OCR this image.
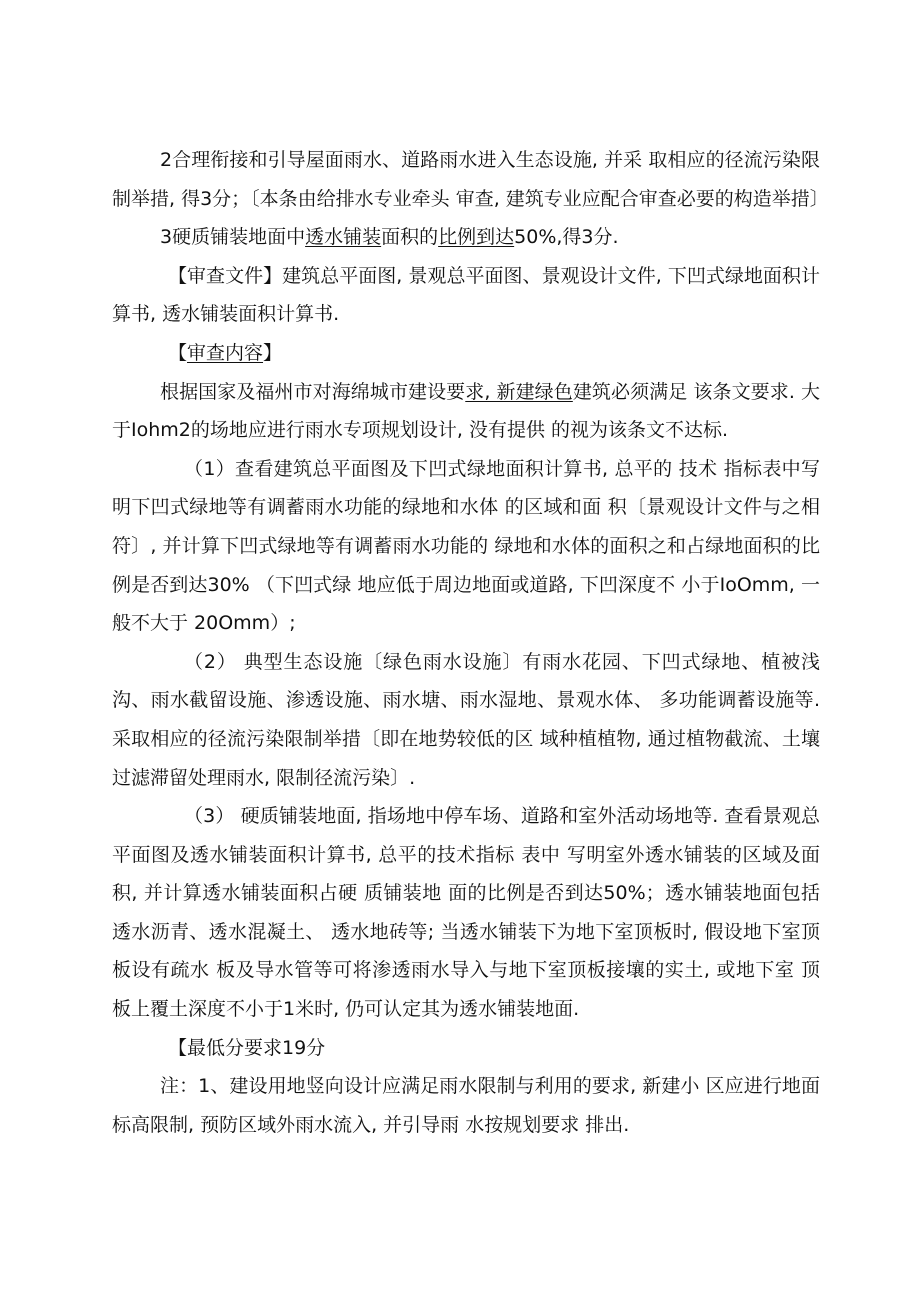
2合理衔接和引导屋面雨水、道路雨水进入生态设施, 并采 取相应的径流污染限制举措, 得3分；〔本条由给排水专业牵头 审查, 建筑专业应配合审查必要的构造举措〕

3硬质铺装地面中透水铺装面积的比例到达50%,得3分.

【审查文件】建筑总平面图, 景观总平面图、景观设计文件, 下凹式绿地面积计算书, 透水铺装面积计算书.

【审查内容】

根据国家及福州市对海绵城市建设要求, 新建绿色建筑必须满足 该条文要求. 大于Iohm2的场地应进行雨水专项规划设计, 没有提供 的视为该条文不达标.

（1）查看建筑总平面图及下凹式绿地面积计算书, 总平的 技术 指标表中写明下凹式绿地等有调蓄雨水功能的绿地和水体 的区域和面 积〔景观设计文件与之相符〕, 并计算下凹式绿地等有调蓄雨水功能的 绿地和水体的面积之和占绿地面积的比例是否到达30% （下凹式绿 地应低于周边地面或道路, 下凹深度不 小于IoOmm, 一般不大于 20Omm）;

（2） 典型生态设施〔绿色雨水设施〕有雨水花园、下凹式绿地、植被浅沟、雨水截留设施、渗透设施、雨水塘、雨水湿地、景观水体、 多功能调蓄设施等. 采取相应的径流污染限制举措〔即在地势较低的区 域种植植物, 通过植物截流、土壤过滤滞留处理雨水, 限制径流污染〕.

（3） 硬质铺装地面, 指场地中停车场、道路和室外活动场地等. 查看景观总平面图及透水铺装面积计算书, 总平的技术指标 表中 写明室外透水铺装的区域及面积, 并计算透水铺装面积占硬 质铺装地 面的比例是否到达50%；透水铺装地面包括透水沥青、透水混凝土、 透水地砖等; 当透水铺装下为地下室顶板时, 假设地下室顶板设有疏水 板及导水管等可将渗透雨水导入与地下室顶板接壤的实土, 或地下室 顶板上覆土深度不小于1米时, 仍可认定其为透水铺装地面.

【最低分要求19分

注：1、建设用地竖向设计应满足雨水限制与利用的要求, 新建小 区应进行地面标高限制, 预防区域外雨水流入, 并引导雨 水按规划要求 排出.
